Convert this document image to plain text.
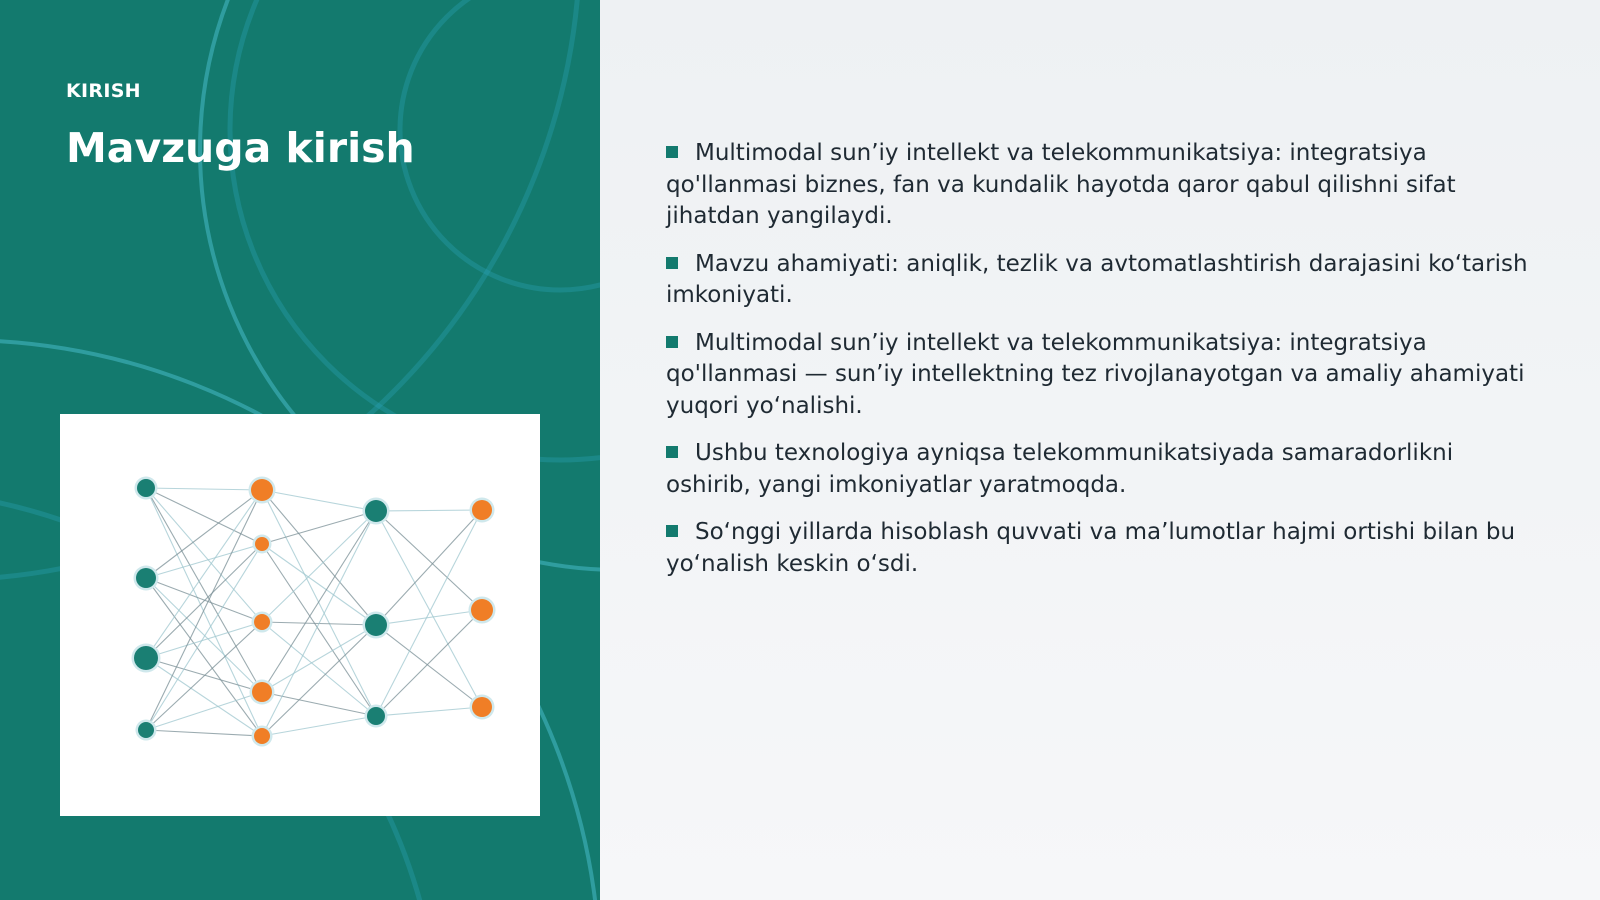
KIRISH
Mavzuga kirish	Multimodal sun’iy intellekt va telekommunikatsiya: integratsiya qo'llanmasi biznes, fan va kundalik hayotda qaror qabul qilishni sifat jihatdan yangilaydi.
Mavzu ahamiyati: aniqlik, tezlik va avtomatlashtirish darajasini ko‘tarish imkoniyati.
Multimodal sun’iy intellekt va telekommunikatsiya: integratsiya qo'llanmasi — sun’iy intellektning tez rivojlanayotgan va amaliy ahamiyati yuqori yo‘nalishi.
Ushbu texnologiya ayniqsa telekommunikatsiyada samaradorlikni oshirib, yangi imkoniyatlar yaratmoqda.
So‘nggi yillarda hisoblash quvvati va ma’lumotlar hajmi ortishi bilan bu yo‘nalish keskin o‘sdi.
